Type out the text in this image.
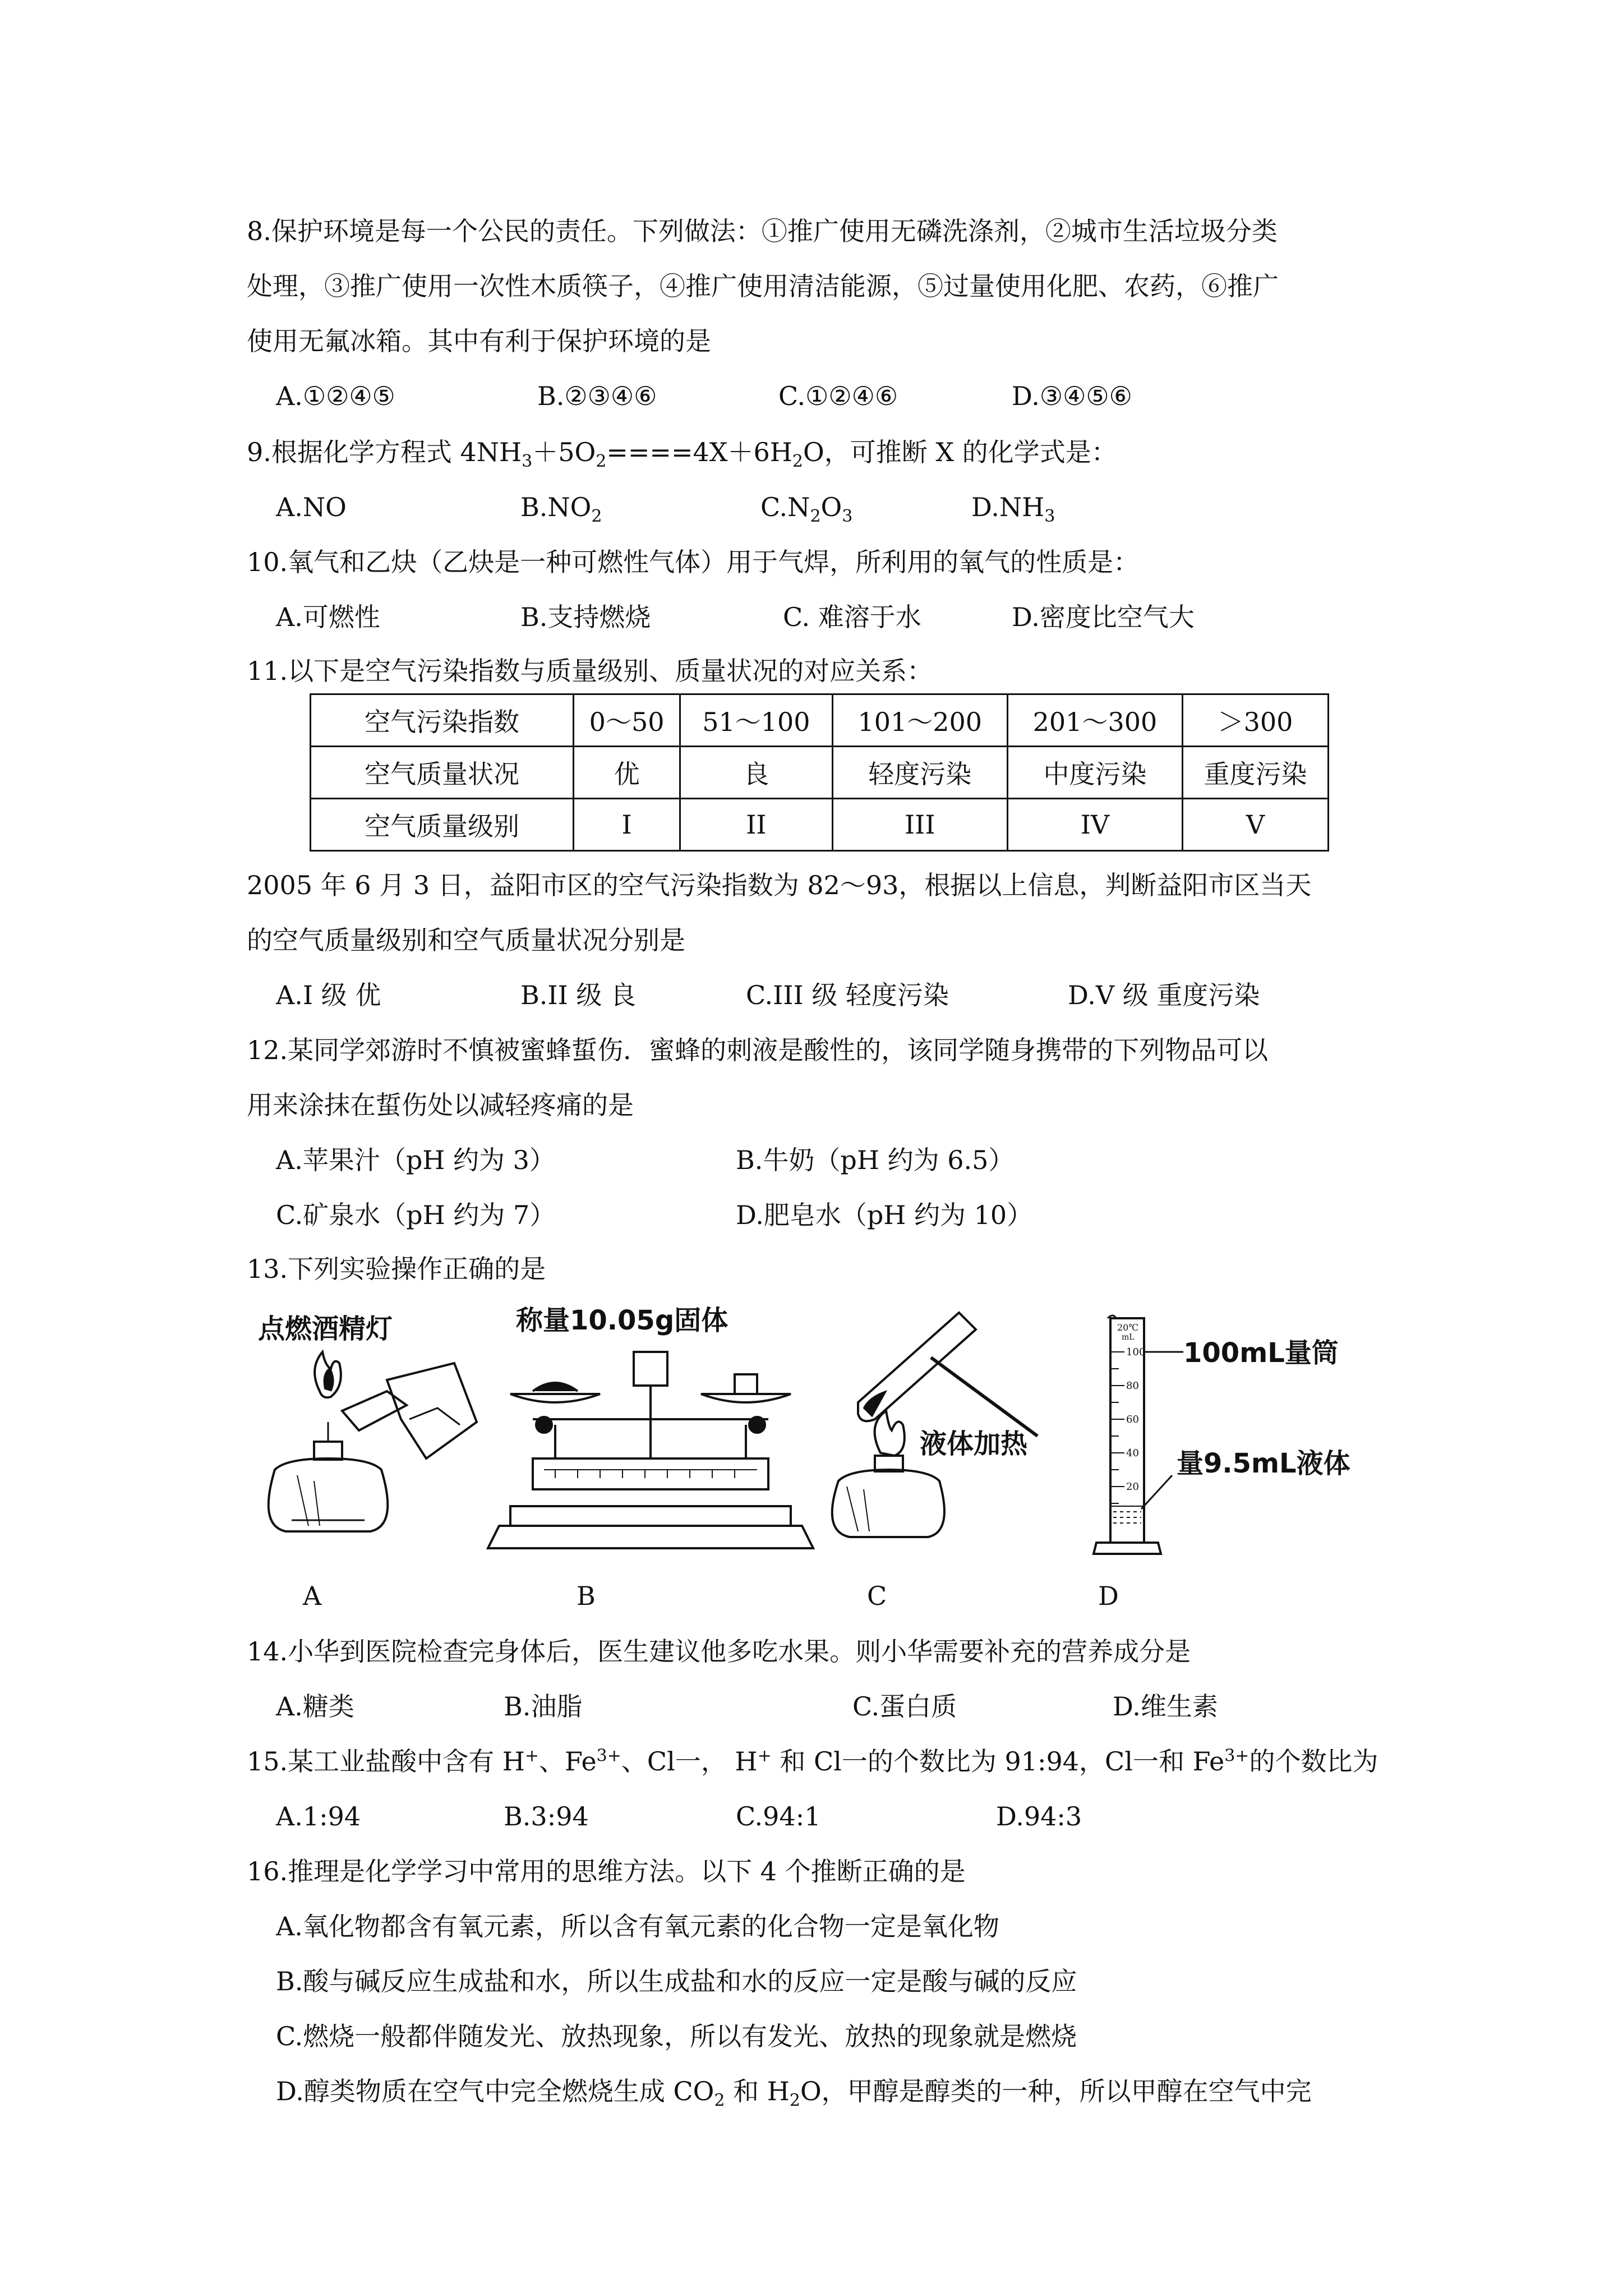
8.保护环境是每一个公民的责任。下列做法：①推广使用无磷洗涤剂，②城市生活垃圾分类
处理，③推广使用一次性木质筷子，④推广使用清洁能源，⑤过量使用化肥、农药，⑥推广
使用无氟冰箱。其中有利于保护环境的是
A.①②④⑤	B.②③④⑥	C.①②④⑥	D.③④⑤⑥
9.根据化学方程式 $4NH_3+5O_2====4X+6H_2O$，可推断 X 的化学式是：
A.NO	$B.NO_2$	$C.N_2O_3$	$D.NH_3$
10.氧气和乙炔（乙炔是一种可燃性气体）用于气焊，所利用的氧气的性质是：
A.可燃性	B.支持燃烧	C. 难溶于水	D.密度比空气大
11.以下是空气污染指数与质量级别、质量状况的对应关系：
空气污染指数	0～50	51～100	101～200	201～300	＞300
空气质量状况	优	良	轻度污染	中度污染	重度污染
空气质量级别	I	II	III	IV	V
2005 年 6 月 3 日，益阳市区的空气污染指数为 82～93，根据以上信息，判断益阳市区当天
的空气质量级别和空气质量状况分别是
A.I 级 优	B.II 级 良	C.III 级 轻度污染	D.V 级 重度污染
12.某同学郊游时不慎被蜜蜂蜇伤．蜜蜂的刺液是酸性的，该同学随身携带的下列物品可以
用来涂抹在蜇伤处以减轻疼痛的是
A.苹果汁（pH 约为 3）	B.牛奶（pH 约为 6.5）
C.矿泉水（pH 约为 7）	D.肥皂水（pH 约为 10）
13.下列实验操作正确的是
点燃酒精灯	称量10.05g固体
液体加热
20℃
mL
100
80
60
40
20
100mL量筒
量9.5mL液体
A	B	C	D
14.小华到医院检查完身体后，医生建议他多吃水果。则小华需要补充的营养成分是
A.糖类	B.油脂	C.蛋白质	D.维生素
15.某工业盐酸中含有 H+、$Fe^{3+}$、Cl一， H+ 和 Cl一的个数比为 91:94，Cl一和 $Fe^{3+}$的个数比为
A.1:94	B.3:94	C.94:1	D.94:3
16.推理是化学学习中常用的思维方法。以下 4 个推断正确的是
A.氧化物都含有氧元素，所以含有氧元素的化合物一定是氧化物
B.酸与碱反应生成盐和水，所以生成盐和水的反应一定是酸与碱的反应
C.燃烧一般都伴随发光、放热现象，所以有发光、放热的现象就是燃烧
D.醇类物质在空气中完全燃烧生成 $CO_2$ 和 $H_2O$，甲醇是醇类的一种，所以甲醇在空气中完
